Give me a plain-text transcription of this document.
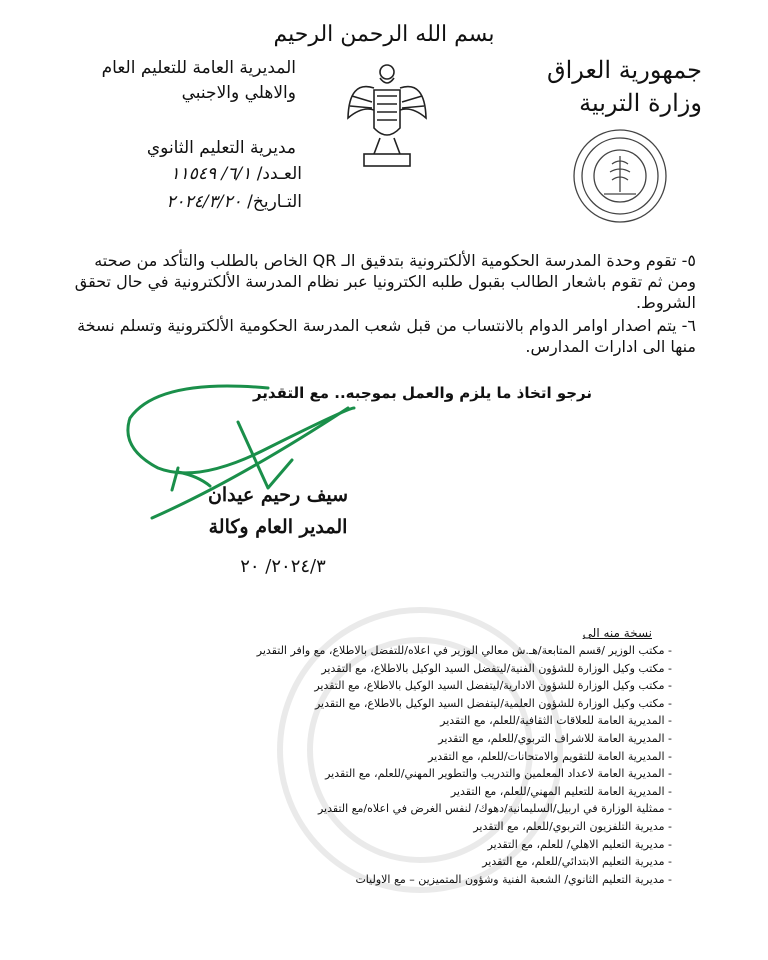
بسم الله الرحمن الرحيم
جمهورية العراق
وزارة التربية
المديرية العامة للتعليم العام
والاهلي والاجنبي
مديرية التعليم الثانوي
العـدد/ ٦/١/ ١١٥٤٩
التـاريخ/ ٢٠٢٤/٣/٢٠

٥- تقوم وحدة المدرسة الحكومية الألكترونية بتدقيق الـ QR الخاص بالطلب والتأكد من صحته ومن ثم تقوم باشعار الطالب بقبول طلبه الكترونيا عبر نظام المدرسة الألكترونية في حال تحقق الشروط.

٦- يتم اصدار اوامر الدوام بالانتساب من قبل شعب المدرسة الحكومية الألكترونية وتسلم نسخة منها الى ادارات المدارس.

نرجو اتخاذ ما يلزم والعمل بموجبه.. مع التقدير
سيف رحيم عيدان
المدير العام وكالة
٢٠٢٤/٣/ ٢٠
نسخة منه الى
- مكتب الوزير /قسم المتابعة/هـ.ش معالي الوزير في اعلاه/للتفضل بالاطلاع، مع وافر التقدير
- مكتب وكيل الوزارة للشؤون الفنية/ليتفضل السيد الوكيل بالاطلاع، مع التقدير
- مكتب وكيل الوزارة للشؤون الادارية/ليتفضل السيد الوكيل بالاطلاع، مع التقدير
- مكتب وكيل الوزارة للشؤون العلمية/ليتفضل السيد الوكيل بالاطلاع، مع التقدير
- المديرية العامة للعلاقات الثقافية/للعلم، مع التقدير
- المديرية العامة للاشراف التربوي/للعلم، مع التقدير
- المديرية العامة للتقويم والامتحانات/للعلم، مع التقدير
- المديرية العامة لاعداد المعلمين والتدريب والتطوير المهني/للعلم، مع التقدير
- المديرية العامة للتعليم المهني/للعلم، مع التقدير
- ممثلية الوزارة في اربيل/السليمانية/دهوك/ لنفس الغرض في اعلاه/مع التقدير
- مديرية التلفزيون التربوي/للعلم، مع التقدير
- مديرية التعليم الاهلي/ للعلم، مع التقدير
- مديرية التعليم الابتدائي/للعلم، مع التقدير
- مديرية التعليم الثانوي/ الشعبة الفنية وشؤون المتميزين – مع الاوليات
